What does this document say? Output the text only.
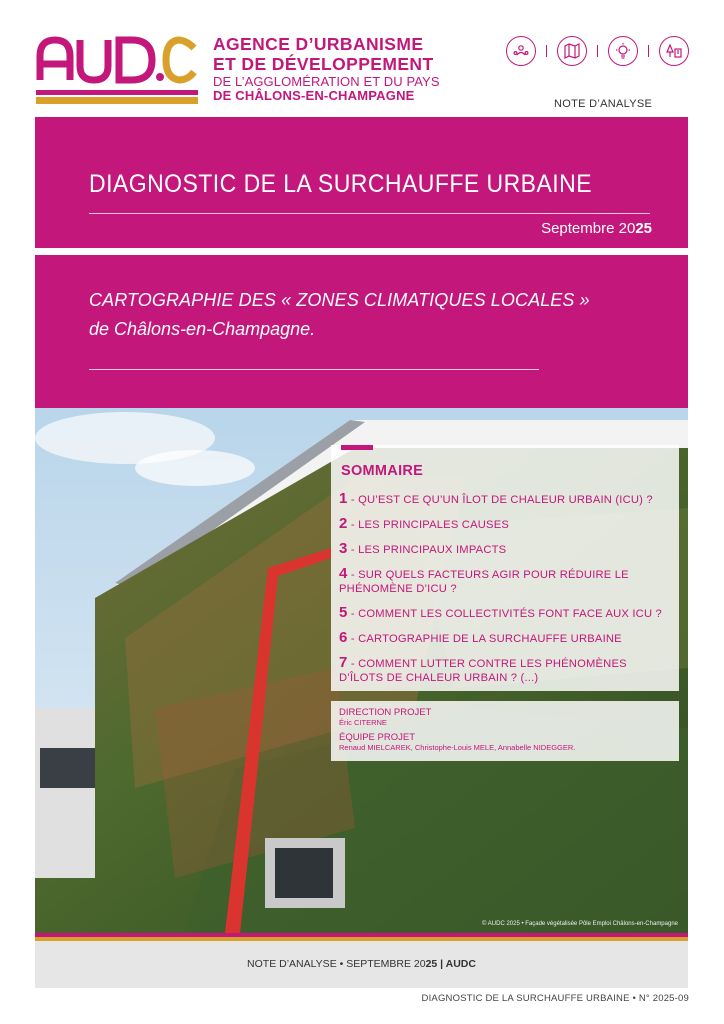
AGENCE D’URBANISME
ET DE DÉVELOPPEMENT
DE L’AGGLOMÉRATION ET DU PAYS
DE CHÂLONS-EN-CHAMPAGNE
NOTE D’ANALYSE
DIAGNOSTIC DE LA SURCHAUFFE URBAINE
Septembre 2025
CARTOGRAPHIE DES « ZONES CLIMATIQUES LOCALES »
de Châlons-en-Champagne.
© AUDC 2025 • Façade végétalisée Pôle Emploi Châlons-en-Champagne
SOMMAIRE
1 - QU’EST CE QU’UN ÎLOT DE CHALEUR URBAIN (ICU) ?
2 - LES PRINCIPALES CAUSES
3 - LES PRINCIPAUX IMPACTS
4 - SUR QUELS FACTEURS AGIR POUR RÉDUIRE LE PHÉNOMÈNE D’ICU ?
5 - COMMENT LES COLLECTIVITÉS FONT FACE AUX ICU ?
6 - CARTOGRAPHIE DE LA SURCHAUFFE URBAINE
7 - COMMENT LUTTER CONTRE LES PHÉNOMÈNES D’ÎLOTS DE CHALEUR URBAIN ? (...)
DIRECTION PROJET
Éric CITERNE
ÉQUIPE PROJET
Renaud MIELCAREK, Christophe-Louis MELE, Annabelle NIDEGGER.
NOTE D’ANALYSE • SEPTEMBRE 2025 | AUDC
DIAGNOSTIC DE LA SURCHAUFFE URBAINE • N° 2025-09
